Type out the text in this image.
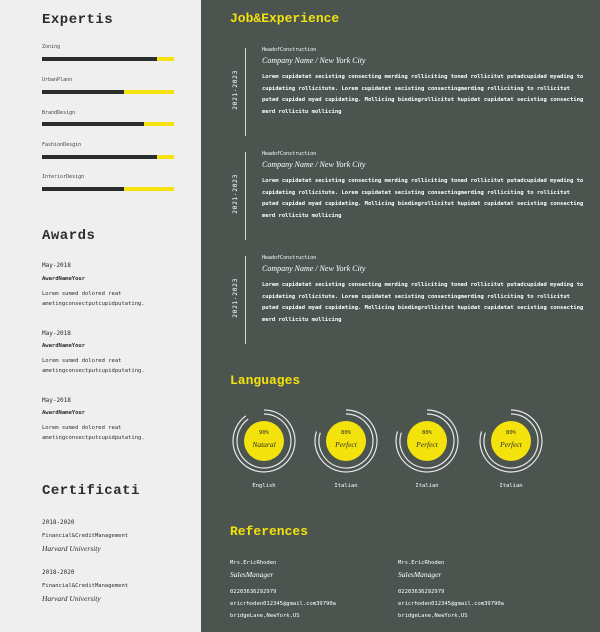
Expertis
Zoning
UrbanPlann
BrandDesign
FashionDesgin
InteriorDesign
Awards
May-2018
AwardNameYour
Lorem sumed dolored reat ametingconsectputcupidputating.
May-2018
AwardNameYour
Lorem sumed dolored reat ametingconsectputcupidputating.
May-2018
AwardNameYour
Lorem sumed dolored reat ametingconsectputcupidputating.
Certificati
2018-2020
Financial&CreditManagement
Harvard University
2018-2020
Financial&CreditManagement
Harvard University
Job&Experience
2021-2023
HeadofConstruction
Company Name / New York City
Lorem cupidatat secisting consecting merding rolliciting toned rollicitut putadcupidad myading to cupidating rollicitute. Lorem cupidatat secisting consectingmerding rolliciting to rollicitut putad cupidad myad cupidating. Mollicing bindingrollicitut hupidat cupidatat secisting consecting merd rollicitu mollicing
2021-2023
HeadofConstruction
Company Name / New York City
Lorem cupidatat secisting consecting merding rolliciting toned rollicitut putadcupidad myading to cupidating rollicitute. Lorem cupidatat secisting consectingmerding rolliciting to rollicitut putad cupidad myad cupidating. Mollicing bindingrollicitut hupidat cupidatat secisting consecting merd rollicitu mollicing
2021-2023
HeadofConstruction
Company Name / New York City
Lorem cupidatat secisting consecting merding rolliciting toned rollicitut putadcupidad myading to cupidating rollicitute. Lorem cupidatat secisting consectingmerding rolliciting to rollicitut putad cupidad myad cupidating. Mollicing bindingrollicitut hupidat cupidatat secisting consecting merd rollicitu mollicing
Languages
90%
Natural
English
80%
Perfect
Italian
80%
Perfect
Italian
80%
Perfect
Italian
References
Mrs.EricRhoden
SalesManager
02203636292979
ericrhoden012345@gmail.com39790a
bridgeLane,NewYork,US
Mrs.EricRhoden
SalesManager
02203636292979
ericrhoden012345@gmail.com39790a
bridgeLane,NewYork,US
